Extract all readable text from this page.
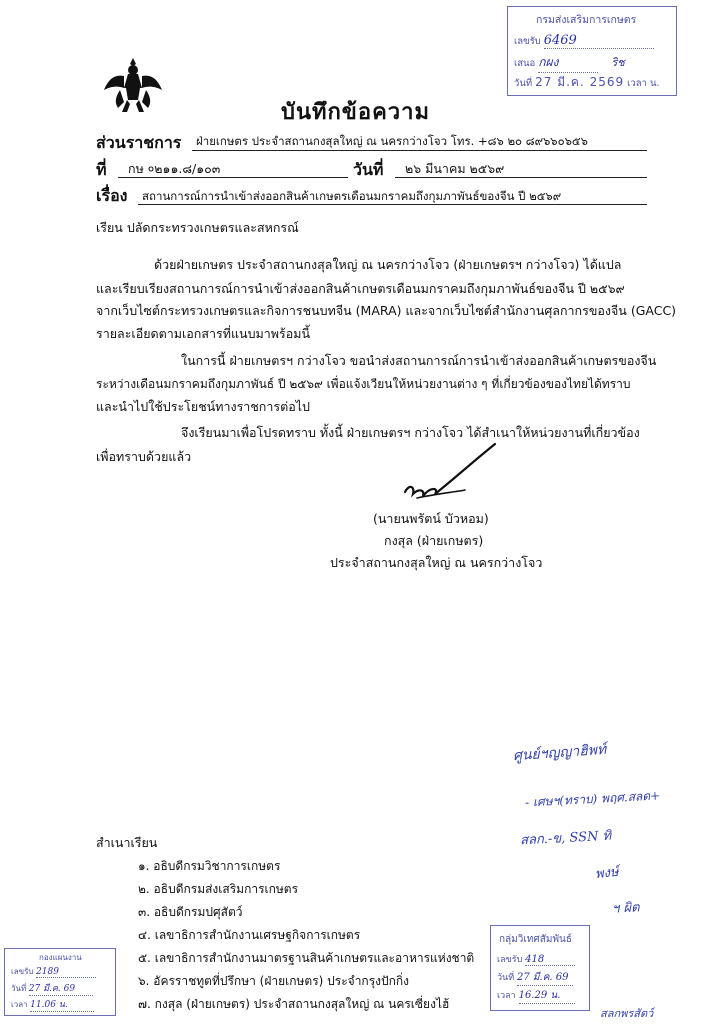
กรมส่งเสริมการเกษตร
เลขรับ 6469
เสนอ กผง	ริช
วันที่ 27 มี.ค. 2569 เวลา น.
บันทึกข้อความ
ส่วนราชการ ฝ่ายเกษตร ประจำสถานกงสุลใหญ่ ณ นครกว่างโจว โทร. +๘๖ ๒๐ ๘๙๖๖๐๖๕๖
ที่ กษ ०๒๑๑.๘/๑๐๓	วันที่ ๒๖ มีนาคม ๒๕๖๙
เรื่อง สถานการณ์การนำเข้าส่งออกสินค้าเกษตรเดือนมกราคมถึงกุมภาพันธ์ของจีน ปี ๒๕๖๙
เรียน ปลัดกระทรวงเกษตรและสหกรณ์
ด้วยฝ่ายเกษตร ประจำสถานกงสุลใหญ่ ณ นครกว่างโจว (ฝ่ายเกษตรฯ กว่างโจว) ได้แปล
และเรียบเรียงสถานการณ์การนำเข้าส่งออกสินค้าเกษตรเดือนมกราคมถึงกุมภาพันธ์ของจีน ปี ๒๕๖๙
จากเว็บไซต์กระทรวงเกษตรและกิจการชนบทจีน (MARA) และจากเว็บไซต์สำนักงานศุลกากรของจีน (GACC)
รายละเอียดตามเอกสารที่แนบมาพร้อมนี้
ในการนี้ ฝ่ายเกษตรฯ กว่างโจว ขอนำส่งสถานการณ์การนำเข้าส่งออกสินค้าเกษตรของจีน
ระหว่างเดือนมกราคมถึงกุมภาพันธ์ ปี ๒๕๖๙ เพื่อแจ้งเวียนให้หน่วยงานต่าง ๆ ที่เกี่ยวข้องของไทยได้ทราบ
และนำไปใช้ประโยชน์ทางราชการต่อไป
จึงเรียนมาเพื่อโปรดทราบ ทั้งนี้ ฝ่ายเกษตรฯ กว่างโจว ได้สำเนาให้หน่วยงานที่เกี่ยวข้อง
เพื่อทราบด้วยแล้ว
(นายนพรัตน์ บัวหอม)
กงสุล (ฝ่ายเกษตร)
ประจำสถานกงสุลใหญ่ ณ นครกว่างโจว
ศูนย์ฯญญาฮิพท์
- เศษฯ(ทราบ) พฤศ.สลด+
สลก.-ข, SSN ทิ
พงษ์
ฯ ผิต
สำเนาเรียน
๑. อธิบดีกรมวิชาการเกษตร
๒. อธิบดีกรมส่งเสริมการเกษตร
๓. อธิบดีกรมปศุสัตว์
๔. เลขาธิการสำนักงานเศรษฐกิจการเกษตร
๕. เลขาธิการสำนักงานมาตรฐานสินค้าเกษตรและอาหารแห่งชาติ
๖. อัครราชทูตที่ปรึกษา (ฝ่ายเกษตร) ประจำกรุงปักกิ่ง
๗. กงสุล (ฝ่ายเกษตร) ประจำสถานกงสุลใหญ่ ณ นครเซี่ยงไฮ้
กองแผนงาน
เลขรับ 2189
วันที่ 27 มี.ค. 69
เวลา 11.06 น.
กลุ่มวิเทศสัมพันธ์
เลขรับ 418
วันที่ 27 มี.ค. 69
เวลา 16.29 น.
สลกพรสัตว์
